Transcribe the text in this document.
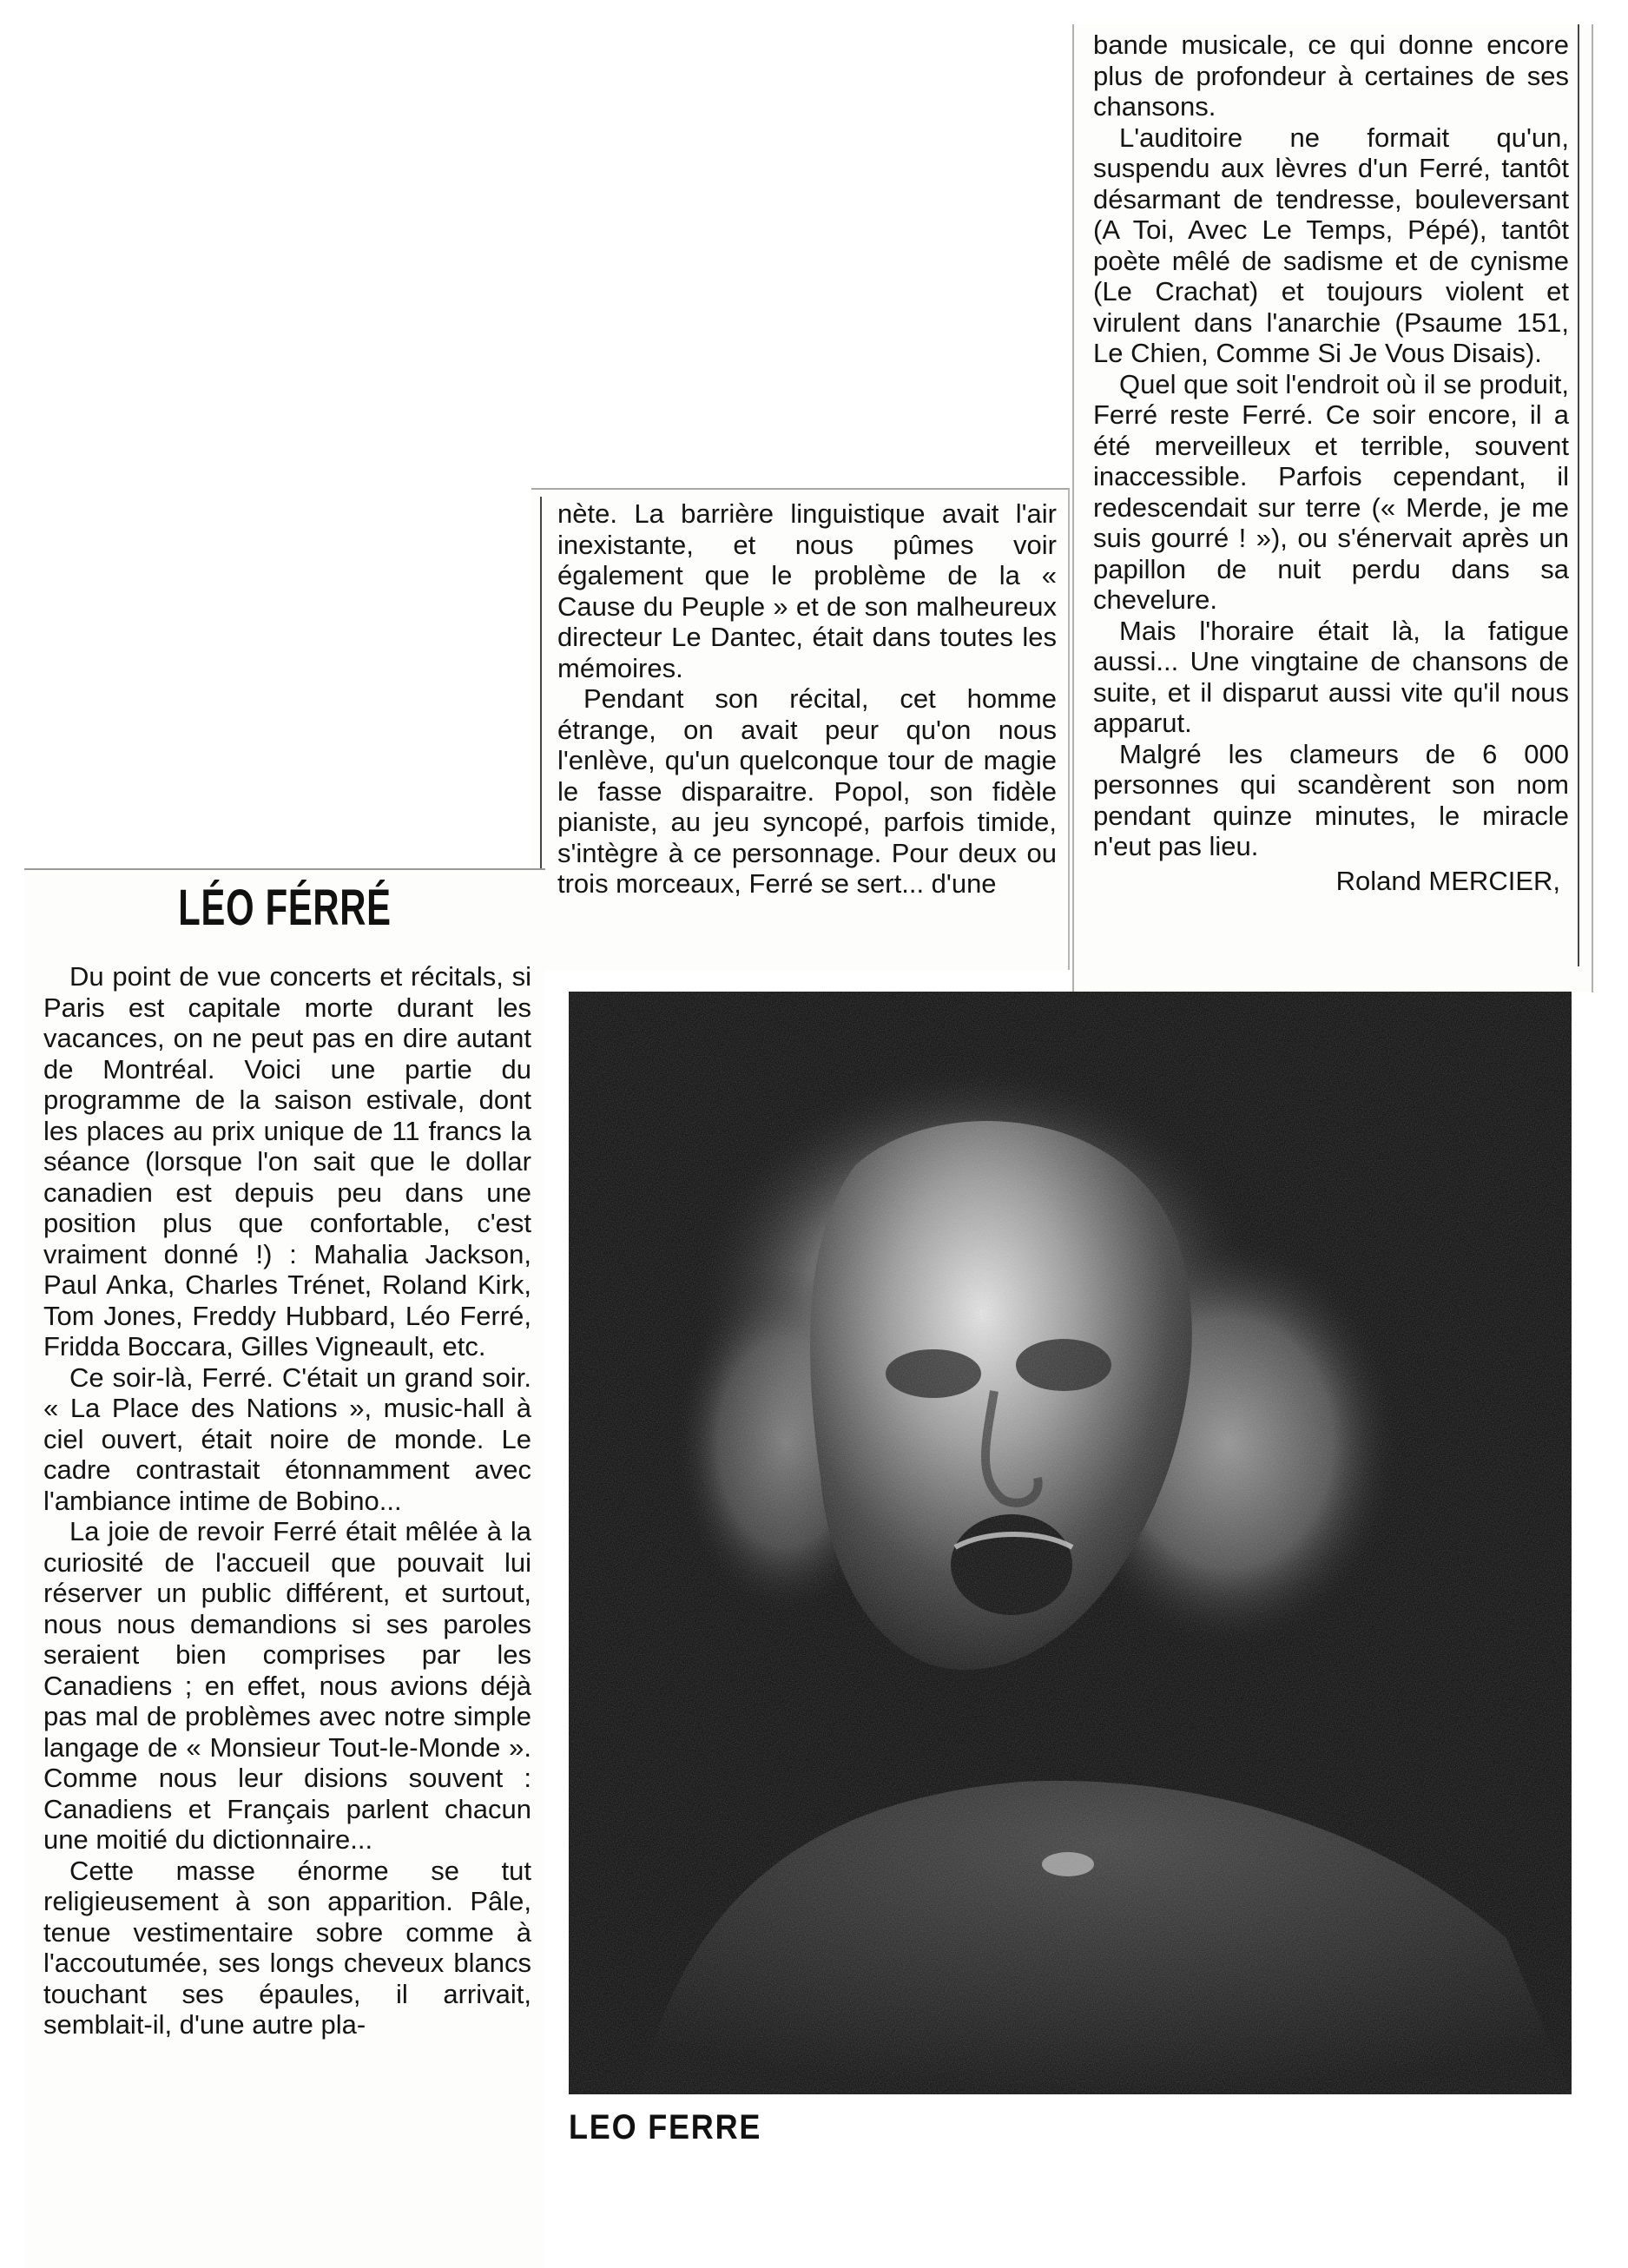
bande musicale, ce qui donne encore plus de profondeur à certaines de ses chansons.

L'auditoire ne formait qu'un, suspendu aux lèvres d'un Ferré, tantôt désarmant de tendresse, bouleversant (A Toi, Avec Le Temps, Pépé), tantôt poète mêlé de sadisme et de cynisme (Le Crachat) et toujours violent et virulent dans l'anarchie (Psaume 151, Le Chien, Comme Si Je Vous Disais).

Quel que soit l'endroit où il se produit, Ferré reste Ferré. Ce soir encore, il a été merveilleux et terrible, souvent inaccessible. Parfois cependant, il redescendait sur terre (« Merde, je me suis gourré ! »), ou s'énervait après un papillon de nuit perdu dans sa chevelure.

Mais l'horaire était là, la fatigue aussi... Une vingtaine de chansons de suite, et il disparut aussi vite qu'il nous apparut.

Malgré les clameurs de 6 000 personnes qui scandèrent son nom pendant quinze minutes, le miracle n'eut pas lieu.

Roland MERCIER,

nète. La barrière linguistique avait l'air inexistante, et nous pûmes voir également que le problème de la « Cause du Peuple » et de son malheureux directeur Le Dantec, était dans toutes les mémoires.

Pendant son récital, cet homme étrange, on avait peur qu'on nous l'enlève, qu'un quelconque tour de magie le fasse disparaitre. Popol, son fidèle pianiste, au jeu syncopé, parfois timide, s'intègre à ce personnage. Pour deux ou trois morceaux, Ferré se sert... d'une

LÉO FÉRRÉ

Du point de vue concerts et récitals, si Paris est capitale morte durant les vacances, on ne peut pas en dire autant de Montréal. Voici une partie du programme de la saison estivale, dont les places au prix unique de 11 francs la séance (lorsque l'on sait que le dollar canadien est depuis peu dans une position plus que confortable, c'est vraiment donné !) : Mahalia Jackson, Paul Anka, Charles Trénet, Roland Kirk, Tom Jones, Freddy Hubbard, Léo Ferré, Fridda Boccara, Gilles Vigneault, etc.

Ce soir-là, Ferré. C'était un grand soir. « La Place des Nations », music-hall à ciel ouvert, était noire de monde. Le cadre contrastait étonnamment avec l'ambiance intime de Bobino...

La joie de revoir Ferré était mêlée à la curiosité de l'accueil que pouvait lui réserver un public différent, et surtout, nous nous demandions si ses paroles seraient bien comprises par les Canadiens ; en effet, nous avions déjà pas mal de problèmes avec notre simple langage de « Monsieur Tout-le-Monde ». Comme nous leur disions souvent : Canadiens et Français parlent chacun une moitié du dictionnaire...

Cette masse énorme se tut religieusement à son apparition. Pâle, tenue vestimentaire sobre comme à l'accoutumée, ses longs cheveux blancs touchant ses épaules, il arrivait, semblait-il, d'une autre pla-

LEO FERRE
